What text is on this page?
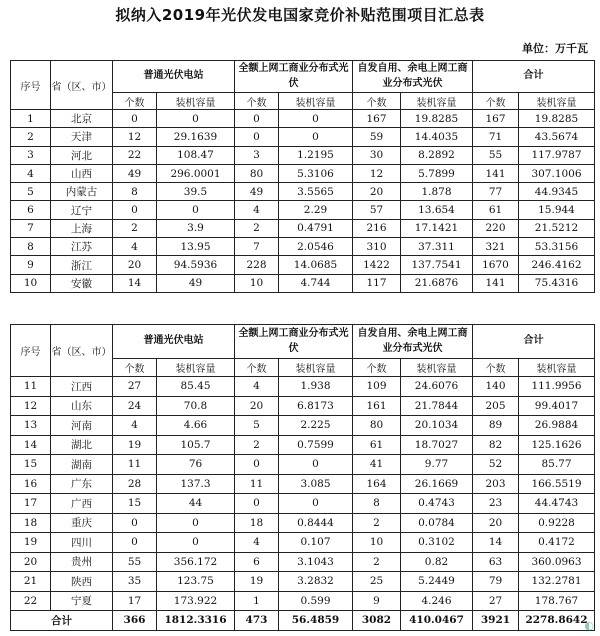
拟纳入2019年光伏发电国家竞价补贴范围项目汇总表
单位：万千瓦
序号	省（区、市）	普通光伏电站		全额上网工商业分布式光伏		自发自用、余电上网工商业分布式光伏		合计	
		个数	装机容量	个数	装机容量	个数	装机容量	个数	装机容量
1	北京	0	0	0	0	167	19.8285	167	19.8285
2	天津	12	29.1639	0	0	59	14.4035	71	43.5674
3	河北	22	108.47	3	1.2195	30	8.2892	55	117.9787
4	山西	49	296.0001	80	5.3106	12	5.7899	141	307.1006
5	内蒙古	8	39.5	49	3.5565	20	1.878	77	44.9345
6	辽宁	0	0	4	2.29	57	13.654	61	15.944
7	上海	2	3.9	2	0.4791	216	17.1421	220	21.5212
8	江苏	4	13.95	7	2.0546	310	37.311	321	53.3156
9	浙江	20	94.5936	228	14.0685	1422	137.7541	1670	246.4162
10	安徽	14	49	10	4.744	117	21.6876	141	75.4316
序号	省（区、市）	普通光伏电站		全额上网工商业分布式光伏		自发自用、余电上网工商业分布式光伏		合计	
		个数	装机容量	个数	装机容量	个数	装机容量	个数	装机容量
11	江西	27	85.45	4	1.938	109	24.6076	140	111.9956
12	山东	24	70.8	20	6.8173	161	21.7844	205	99.4017
13	河南	4	4.66	5	2.225	80	20.1034	89	26.9884
14	湖北	19	105.7	2	0.7599	61	18.7027	82	125.1626
15	湖南	11	76	0	0	41	9.77	52	85.77
16	广东	28	137.3	11	3.085	164	26.1669	203	166.5519
17	广西	15	44	0	0	8	0.4743	23	44.4743
18	重庆	0	0	18	0.8444	2	0.0784	20	0.9228
19	四川	0	0	4	0.107	10	0.3102	14	0.4172
20	贵州	55	356.172	6	3.1043	2	0.82	63	360.0963
21	陕西	35	123.75	19	3.2832	25	5.2449	79	132.2781
22	宁夏	17	173.922	1	0.599	9	4.246	27	178.767
合计		366	1812.3316	473	56.4859	3082	410.0467	3921	2278.8642
◐
